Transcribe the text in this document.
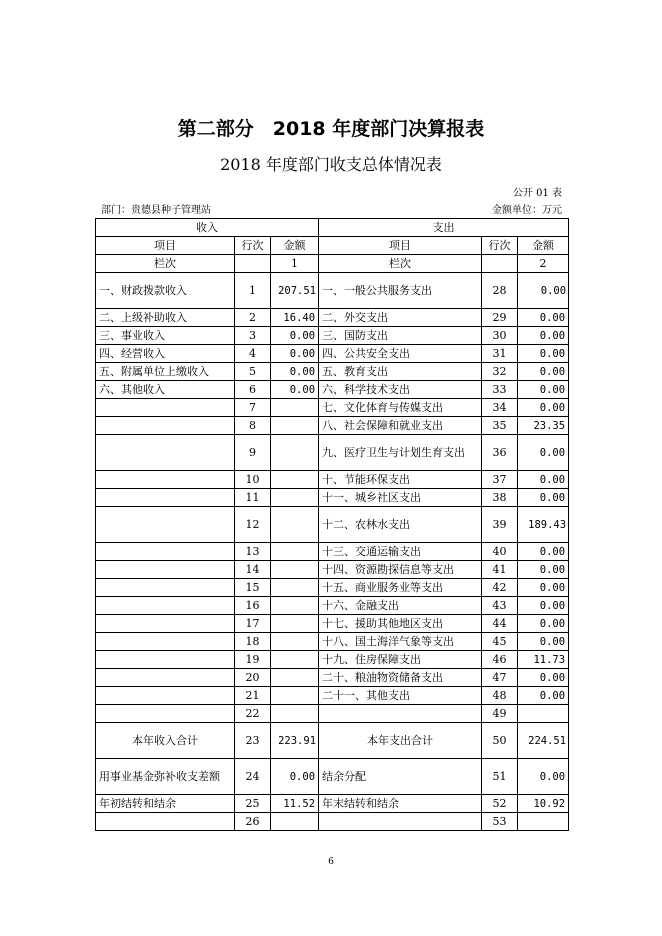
第二部分　2018 年度部门决算报表
2018 年度部门收支总体情况表
公开 01 表
部门：贵德县种子管理站	金额单位：万元
收入			支出		
项目	行次	金额	项目	行次	金额
栏次		1	栏次		2
一、财政拨款收入	1	207.51	一、一般公共服务支出	28	0.00
二、上级补助收入	2	16.40	二、外交支出	29	0.00
三、事业收入	3	0.00	三、国防支出	30	0.00
四、经营收入	4	0.00	四、公共安全支出	31	0.00
五、附属单位上缴收入	5	0.00	五、教育支出	32	0.00
六、其他收入	6	0.00	六、科学技术支出	33	0.00
	7		七、文化体育与传媒支出	34	0.00
	8		八、社会保障和就业支出	35	23.35
	9		九、医疗卫生与计划生育支出	36	0.00
	10		十、节能环保支出	37	0.00
	11		十一、城乡社区支出	38	0.00
	12		十二、农林水支出	39	189.43
	13		十三、交通运输支出	40	0.00
	14		十四、资源勘探信息等支出	41	0.00
	15		十五、商业服务业等支出	42	0.00
	16		十六、金融支出	43	0.00
	17		十七、援助其他地区支出	44	0.00
	18		十八、国土海洋气象等支出	45	0.00
	19		十九、住房保障支出	46	11.73
	20		二十、粮油物资储备支出	47	0.00
	21		二十一、其他支出	48	0.00
	22			49	
本年收入合计	23	223.91	本年支出合计	50	224.51
用事业基金弥补收支差额	24	0.00	结余分配	51	0.00
年初结转和结余	25	11.52	年末结转和结余	52	10.92
	26			53	
6
